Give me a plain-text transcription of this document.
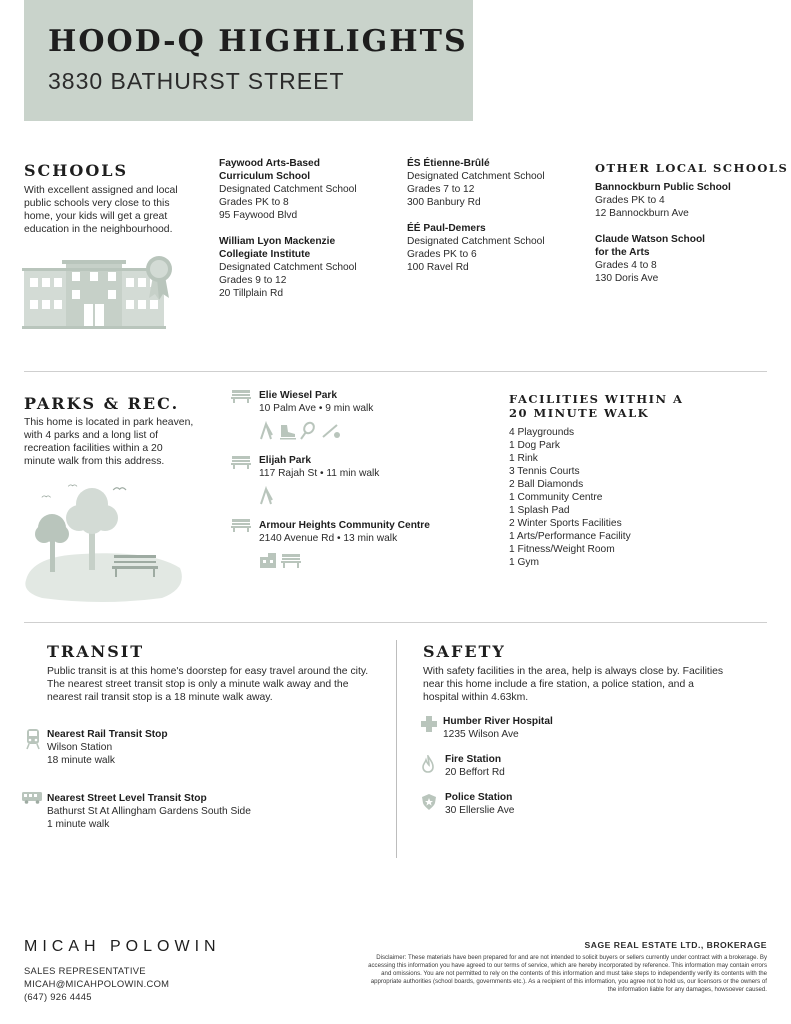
HOOD-Q HIGHLIGHTS
3830 BATHURST STREET
SCHOOLS
With excellent assigned and local public schools very close to this home, your kids will get a great education in the neighbourhood.
Faywood Arts-Based
Curriculum School
Designated Catchment School
Grades PK to 8
95 Faywood Blvd
William Lyon Mackenzie
Collegiate Institute
Designated Catchment School
Grades 9 to 12
20 Tillplain Rd
ÉS Étienne-Brûlé
Designated Catchment School
Grades 7 to 12
300 Banbury Rd
ÉÉ Paul-Demers
Designated Catchment School
Grades PK to 6
100 Ravel Rd
OTHER LOCAL SCHOOLS
Bannockburn Public School
Grades PK to 4
12 Bannockburn Ave
Claude Watson School
for the Arts
Grades 4 to 8
130 Doris Ave
PARKS & REC.
This home is located in park heaven, with 4 parks and a long list of recreation facilities within a 20 minute walk from this address.
Elie Wiesel Park
10 Palm Ave • 9 min walk
Elijah Park
117 Rajah St • 11 min walk
Armour Heights Community Centre
2140 Avenue Rd • 13 min walk
FACILITIES WITHIN A
20 MINUTE WALK
4 Playgrounds
1 Dog Park
1 Rink
3 Tennis Courts
2 Ball Diamonds
1 Community Centre
1 Splash Pad
2 Winter Sports Facilities
1 Arts/Performance Facility
1 Fitness/Weight Room
1 Gym
TRANSIT
Public transit is at this home's doorstep for easy travel around the city. The nearest street transit stop is only a minute walk away and the nearest rail transit stop is a 18 minute walk away.
Nearest Rail Transit Stop
Wilson Station
18 minute walk
Nearest Street Level Transit Stop
Bathurst St At Allingham Gardens South Side
1 minute walk
SAFETY
With safety facilities in the area, help is always close by. Facilities near this home include a fire station, a police station, and a hospital within 4.63km.
Humber River Hospital
1235 Wilson Ave
Fire Station
20 Beffort Rd
Police Station
30 Ellerslie Ave
MICAH POLOWIN
SALES REPRESENTATIVE
MICAH@MICAHPOLOWIN.COM
(647) 926 4445
SAGE REAL ESTATE LTD., BROKERAGE
Disclaimer: These materials have been prepared for and are not intended to solicit buyers or sellers currently under contract with a brokerage. By accessing this information you have agreed to our terms of service, which are hereby incorporated by reference. This information may contain errors and omissions. You are not permitted to rely on the contents of this information and must take steps to independently verify its contents with the appropriate authorities (school boards, governments etc.). As a recipient of this information, you agree not to hold us, our licensors or the owners of the information liable for any damages, howsoever caused.
